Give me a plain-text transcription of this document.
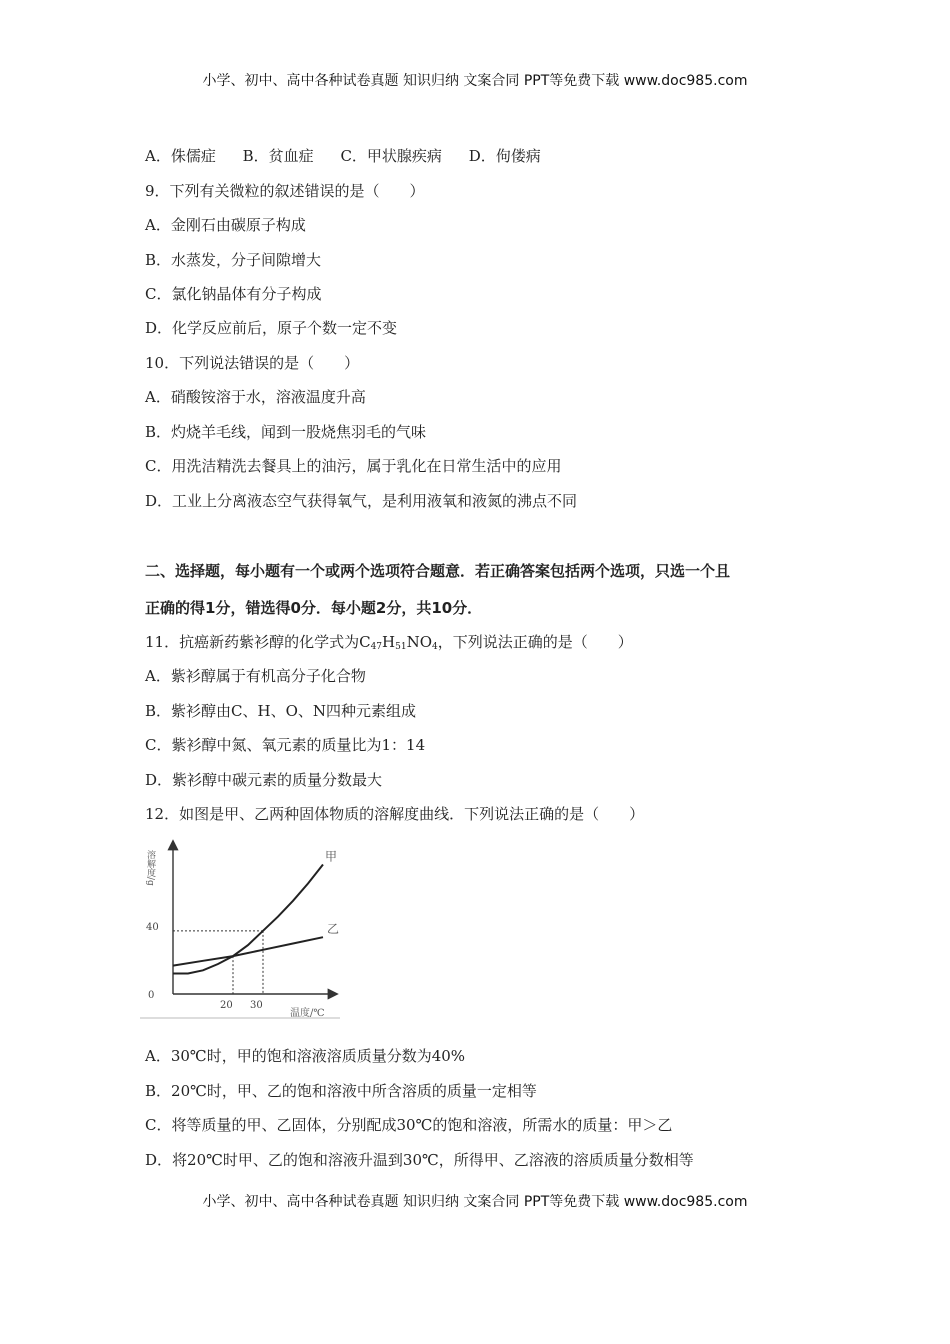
小学、初中、高中各种试卷真题 知识归纳 文案合同 PPT等免费下载 www.doc985.com
A．侏儒症 B．贫血症 C．甲状腺疾病 D．佝偻病
9．下列有关微粒的叙述错误的是（　　）
A．金刚石由碳原子构成
B．水蒸发，分子间隙增大
C．氯化钠晶体有分子构成
D．化学反应前后，原子个数一定不变
10．下列说法错误的是（　　）
A．硝酸铵溶于水，溶液温度升高
B．灼烧羊毛线，闻到一股烧焦羽毛的气味
C．用洗洁精洗去餐具上的油污，属于乳化在日常生活中的应用
D．工业上分离液态空气获得氧气，是利用液氧和液氮的沸点不同
二、选择题，每小题有一个或两个选项符合题意．若正确答案包括两个选项，只选一个且
正确的得1分，错选得0分．每小题2分，共10分．
11．抗癌新药紫衫醇的化学式为$C_{47}H_{51}NO_4$，下列说法正确的是（　　）
A．紫衫醇属于有机高分子化合物
B．紫衫醇由C、H、O、N四种元素组成
C．紫衫醇中氮、氧元素的质量比为1：14
D．紫衫醇中碳元素的质量分数最大
12．如图是甲、乙两种固体物质的溶解度曲线．下列说法正确的是（　　）
0
40
20 30
温度/℃
溶解度/g	甲
乙
A．30℃时，甲的饱和溶液溶质质量分数为40%
B．20℃时，甲、乙的饱和溶液中所含溶质的质量一定相等
C．将等质量的甲、乙固体，分别配成30℃的饱和溶液，所需水的质量：甲＞乙
D．将20℃时甲、乙的饱和溶液升温到30℃，所得甲、乙溶液的溶质质量分数相等
小学、初中、高中各种试卷真题 知识归纳 文案合同 PPT等免费下载 www.doc985.com
